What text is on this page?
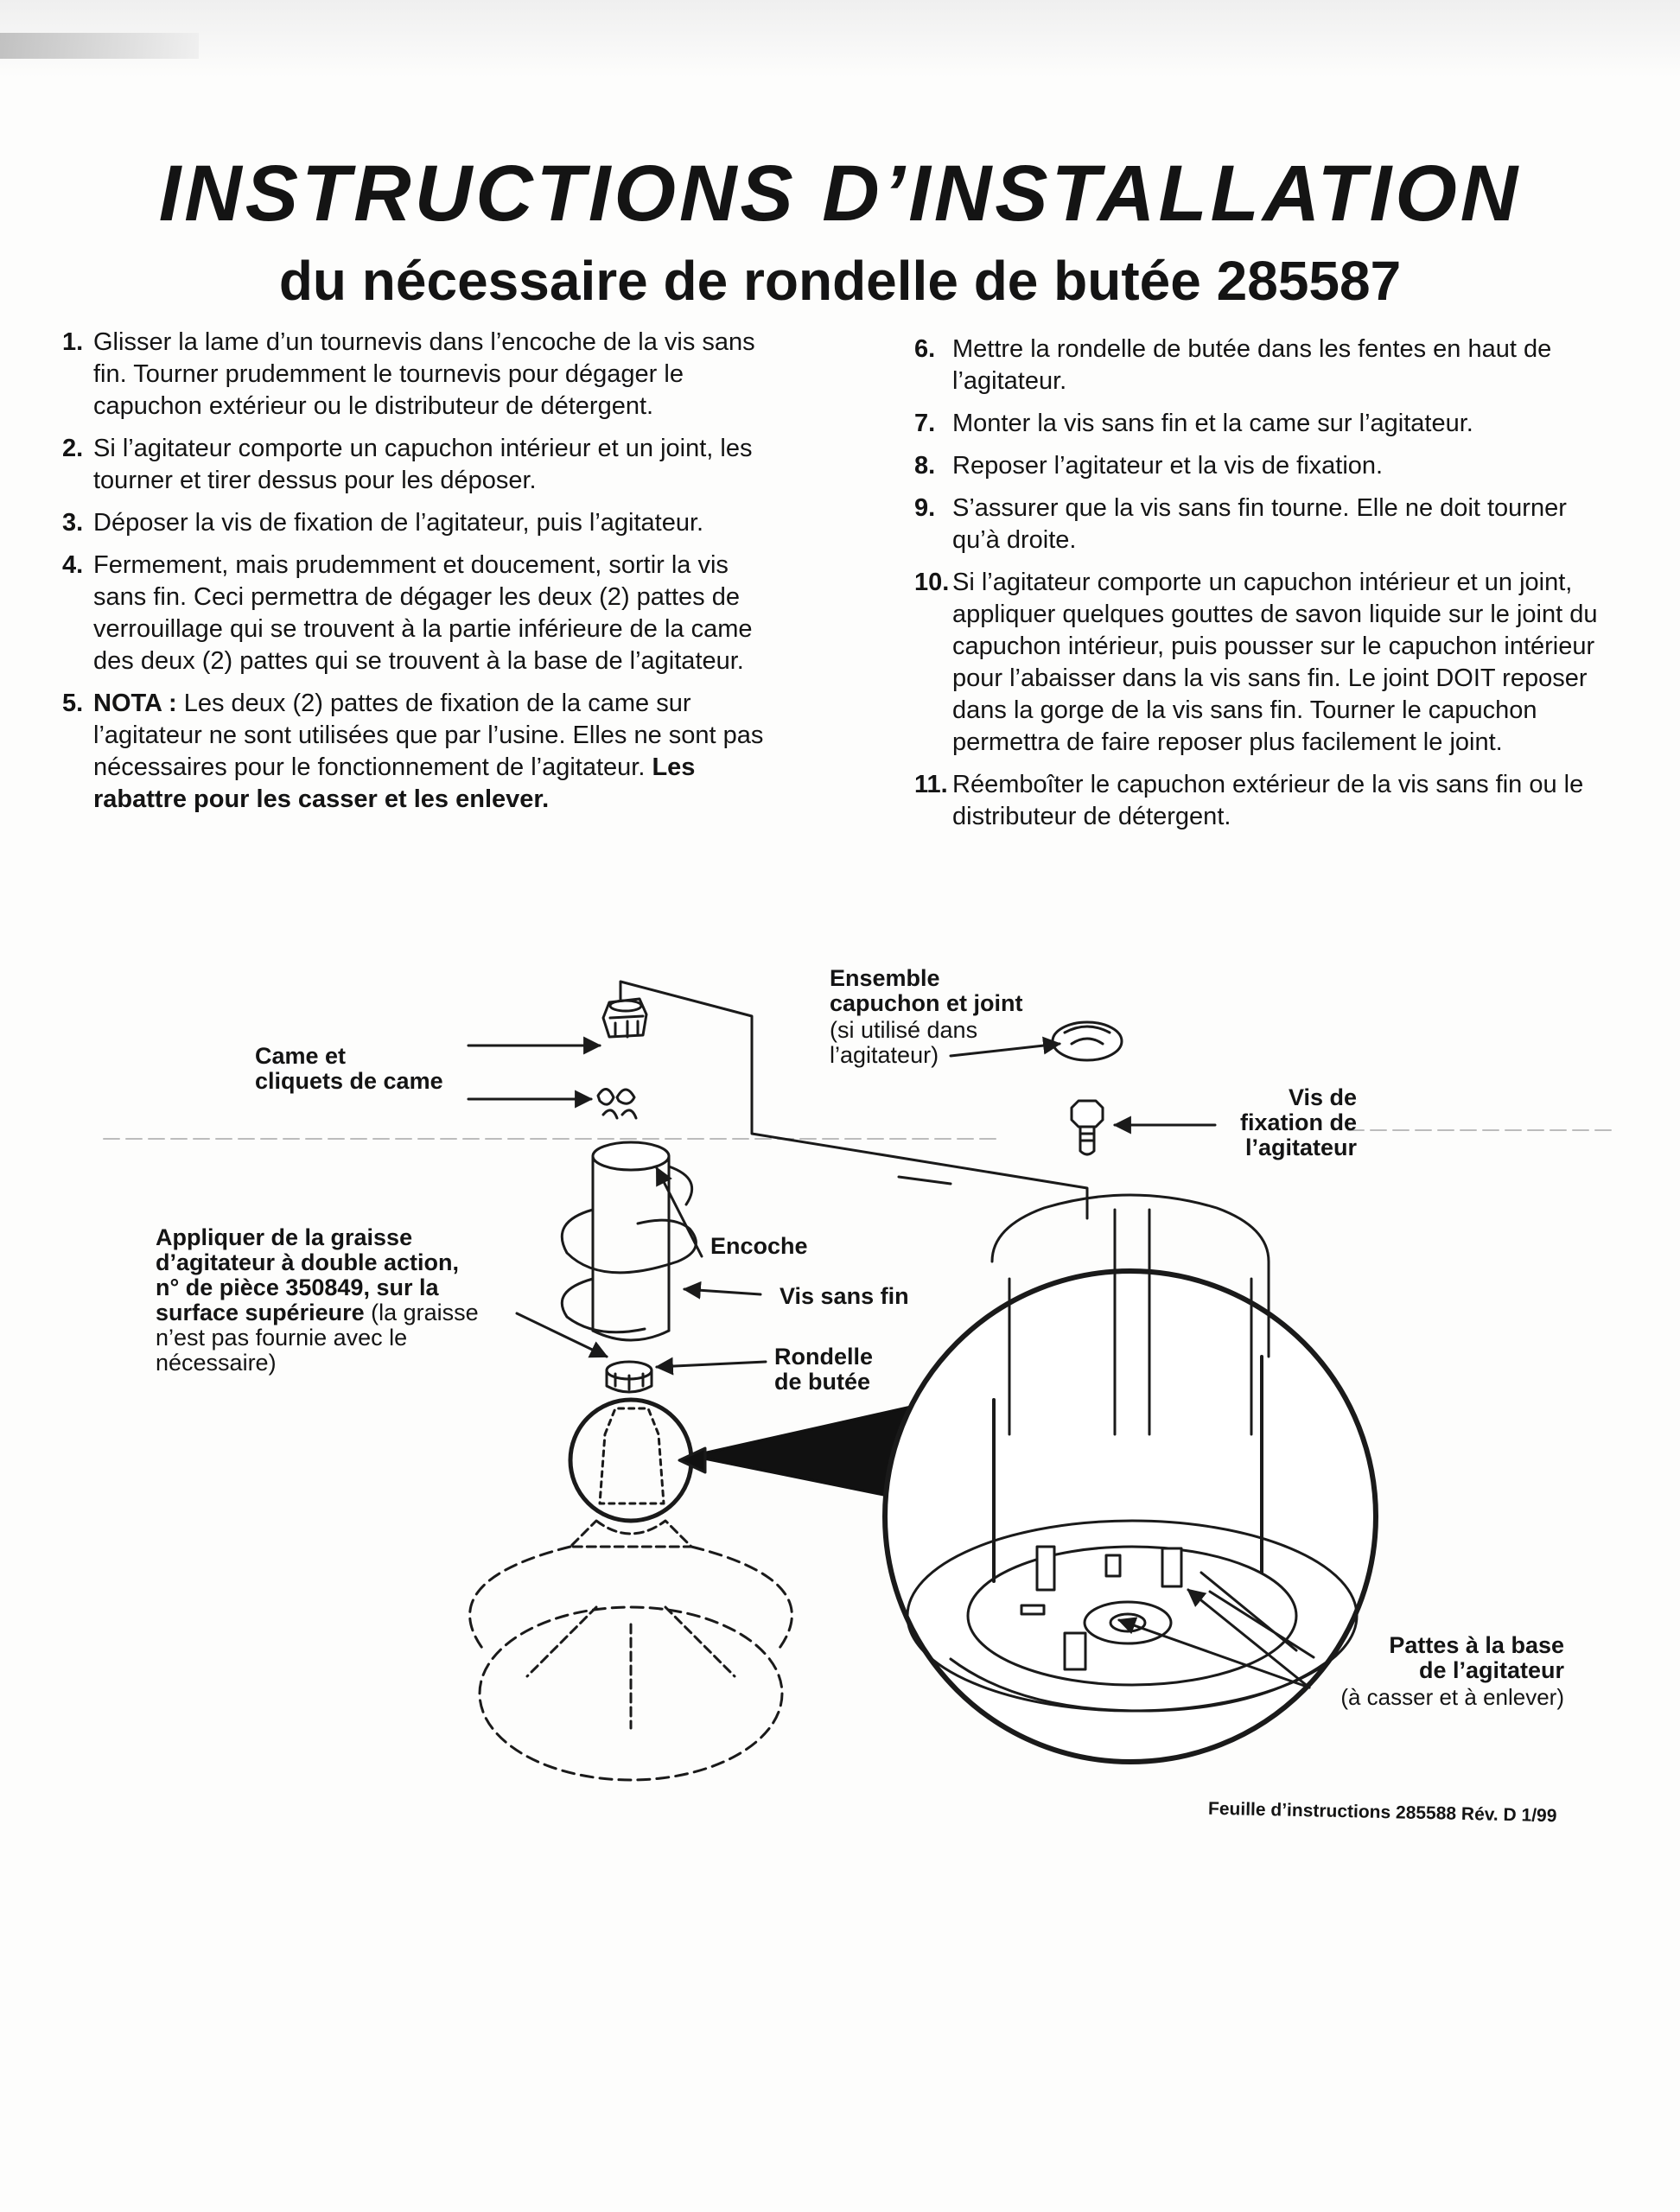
INSTRUCTIONS D’INSTALLATION
du nécessaire de rondelle de butée 285587
1. Glisser la lame d’un tournevis dans l’encoche de la vis sans fin. Tourner prudemment le tournevis pour dégager le capuchon extérieur ou le distributeur de détergent.
2. Si l’agitateur comporte un capuchon intérieur et un joint, les tourner et tirer dessus pour les déposer.
3. Déposer la vis de fixation de l’agitateur, puis l’agitateur.
4. Fermement, mais prudemment et doucement, sortir la vis sans fin. Ceci permettra de dégager les deux (2) pattes de verrouillage qui se trouvent à la partie inférieure de la came des deux (2) pattes qui se trouvent à la base de l’agitateur.
5. NOTA : Les deux (2) pattes de fixation de la came sur l’agitateur ne sont utilisées que par l’usine. Elles ne sont pas nécessaires pour le fonctionnement de l’agitateur. Les rabattre pour les casser et les enlever.
6. Mettre la rondelle de butée dans les fentes en haut de l’agitateur.
7. Monter la vis sans fin et la came sur l’agitateur.
8. Reposer l’agitateur et la vis de fixation.
9. S’assurer que la vis sans fin tourne. Elle ne doit tourner qu’à droite.
10. Si l’agitateur comporte un capuchon intérieur et un joint, appliquer quelques gouttes de savon liquide sur le joint du capuchon intérieur, puis pousser sur le capuchon intérieur pour l’abaisser dans la vis sans fin. Le joint DOIT reposer dans la gorge de la vis sans fin. Tourner le capuchon permettra de faire reposer plus facilement le joint.
11. Réemboîter le capuchon extérieur de la vis sans fin ou le distributeur de détergent.

Came et
cliquets de came

Ensemble
capuchon et joint

(si utilisé dans
l’agitateur)

Vis de
fixation de
l’agitateur

Appliquer de la graisse
d’agitateur à double action,
n° de pièce 350849, sur la
surface supérieure (la graisse
n’est pas fournie avec le
nécessaire)

Encoche

Vis sans fin

Rondelle
de butée

Pattes à la base
de l’agitateur

(à casser et à enlever)

Feuille d’instructions 285588 Rév. D 1/99
